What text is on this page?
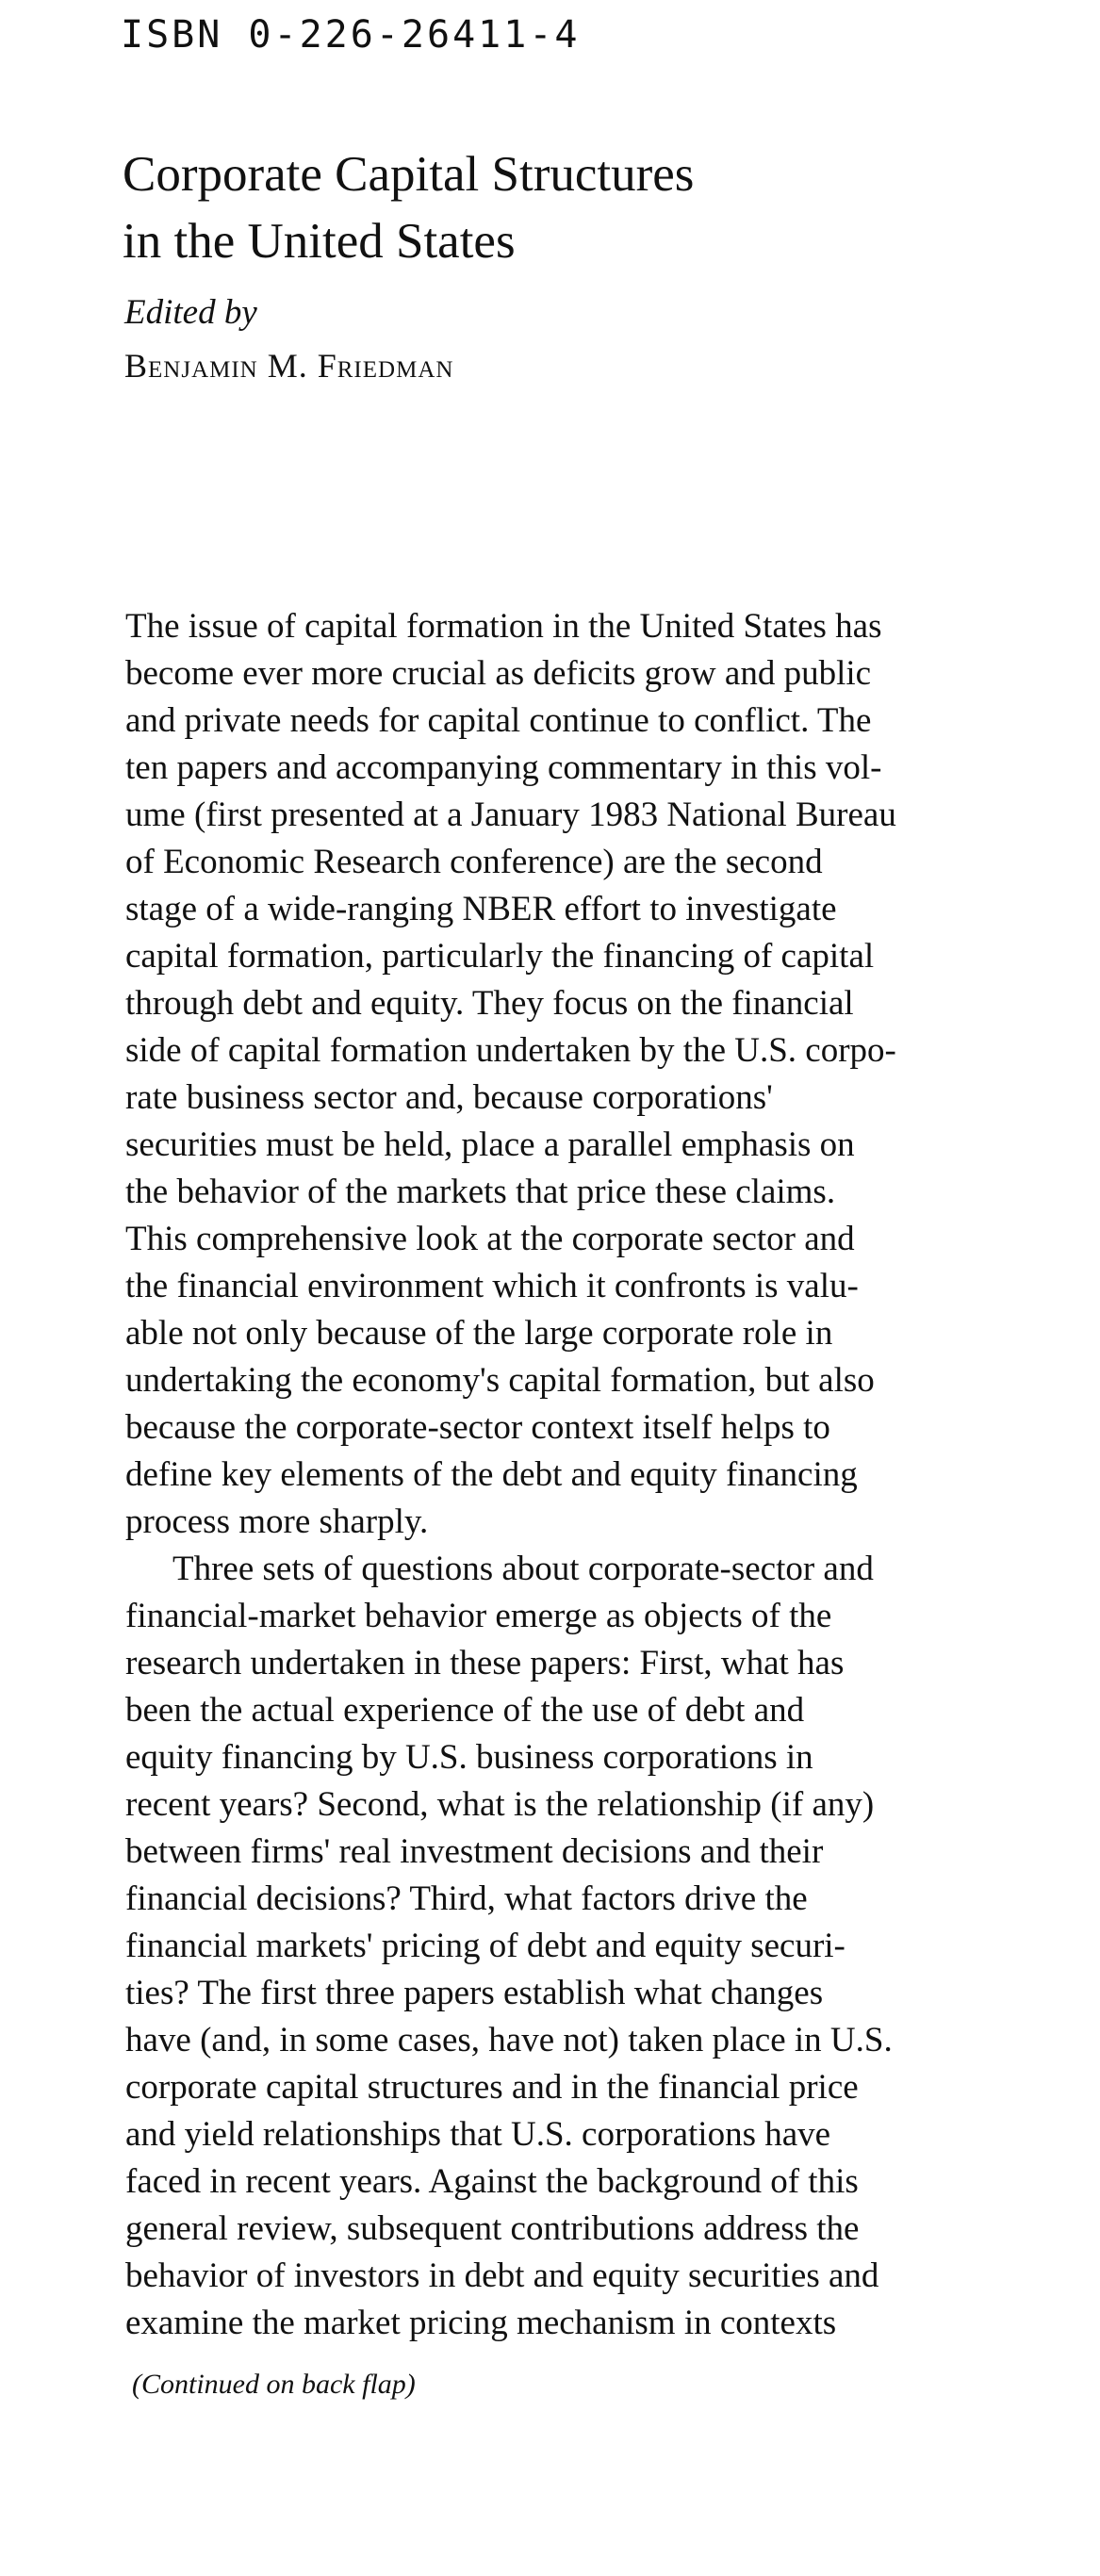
ISBN 0-226-26411-4
Corporate Capital Structures
in the United States
Edited by
Benjamin M. Friedman
The issue of capital formation in the United States has
become ever more crucial as deficits grow and public
and private needs for capital continue to conflict. The
ten papers and accompanying commentary in this vol-
ume (first presented at a January 1983 National Bureau
of Economic Research conference) are the second
stage of a wide-ranging NBER effort to investigate
capital formation, particularly the financing of capital
through debt and equity. They focus on the financial
side of capital formation undertaken by the U.S. corpo-
rate business sector and, because corporations'
securities must be held, place a parallel emphasis on
the behavior of the markets that price these claims.
This comprehensive look at the corporate sector and
the financial environment which it confronts is valu-
able not only because of the large corporate role in
undertaking the economy's capital formation, but also
because the corporate-sector context itself helps to
define key elements of the debt and equity financing
process more sharply.
Three sets of questions about corporate-sector and
financial-market behavior emerge as objects of the
research undertaken in these papers: First, what has
been the actual experience of the use of debt and
equity financing by U.S. business corporations in
recent years? Second, what is the relationship (if any)
between firms' real investment decisions and their
financial decisions? Third, what factors drive the
financial markets' pricing of debt and equity securi-
ties? The first three papers establish what changes
have (and, in some cases, have not) taken place in U.S.
corporate capital structures and in the financial price
and yield relationships that U.S. corporations have
faced in recent years. Against the background of this
general review, subsequent contributions address the
behavior of investors in debt and equity securities and
examine the market pricing mechanism in contexts
(Continued on back flap)
